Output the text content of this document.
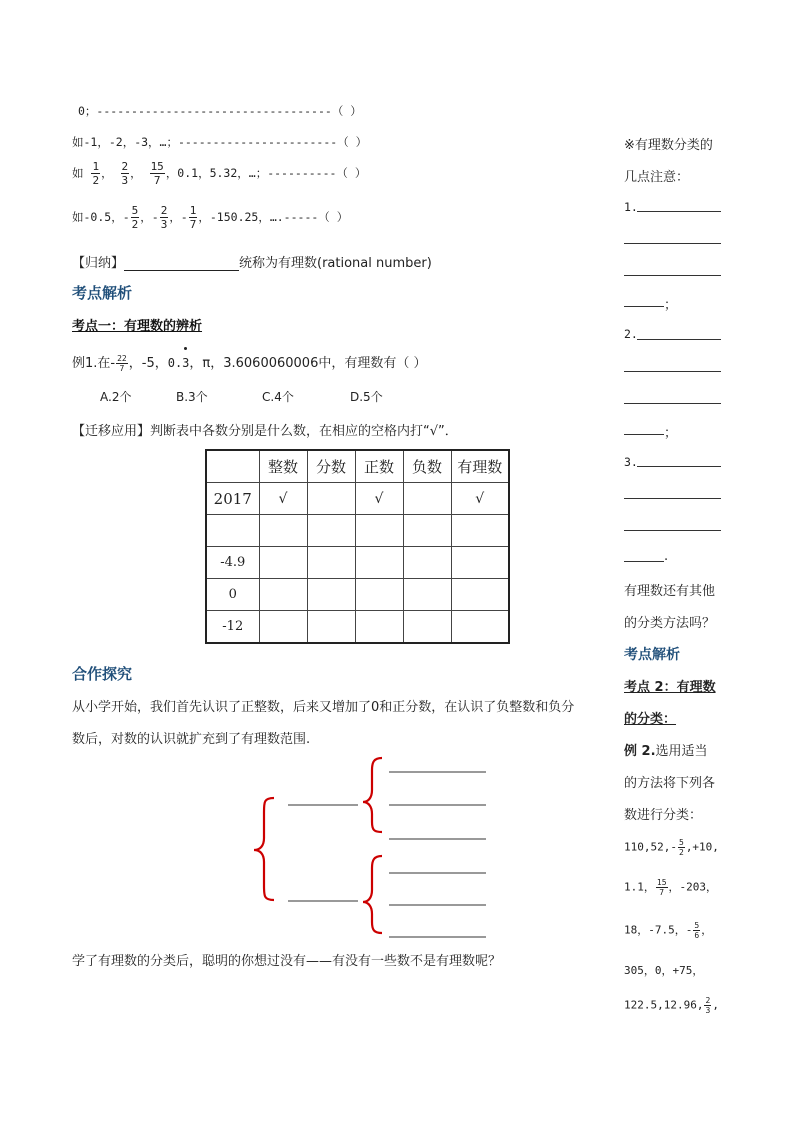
0；----------------------------------（ ）
如-1，-2，-3，…；-----------------------（ ）
如 $\frac{1}{2}$ ， $\frac{2}{3}$ ， $\frac{15}{7}$ ，0.1，5.32，…；----------（ ）
如-0.5，- $\frac{5}{2}$ ，- $\frac{2}{3}$ ，- $\frac{1}{7}$ ，-150.25，….-----（ ）
【归纳】	统称为有理数(rational number)
考点解析
考点一：有理数的辨析
例1.在- $\frac{22}{7}$ ，-5，0.3
，π，3.6060060006中，有理数有（ ）
A.2个	B.3个	C.4个	D.5个
【迁移应用】判断表中各数分别是什么数，在相应的空格内打“√”．
	整数	分数	正数	负数	有理数
2017	√		√		√

-4.9					
0					
-12					
合作探究
从小学开始，我们首先认识了正整数，后来又增加了0和正分数，在认识了负整数和负分
数后，对数的认识就扩充到了有理数范围.
学了有理数的分类后，聪明的你想过没有——有没有一些数不是有理数呢？
※有理数分类的
几点注意：
1.
；
2.
；
3.
.
有理数还有其他
的分类方法吗？
考点解析
考点 2：有理数
的分类：
例 2.选用适当
的方法将下列各
数进行分类：
$110,52,- \frac{5}{2} ,+10$,
1.1， $\frac{15}{7}$ ，-203，
18，-7.5，- $\frac{5}{6}$ ，
305，0，+75，
122.5,12.96, $\frac{2}{3}$ ,
